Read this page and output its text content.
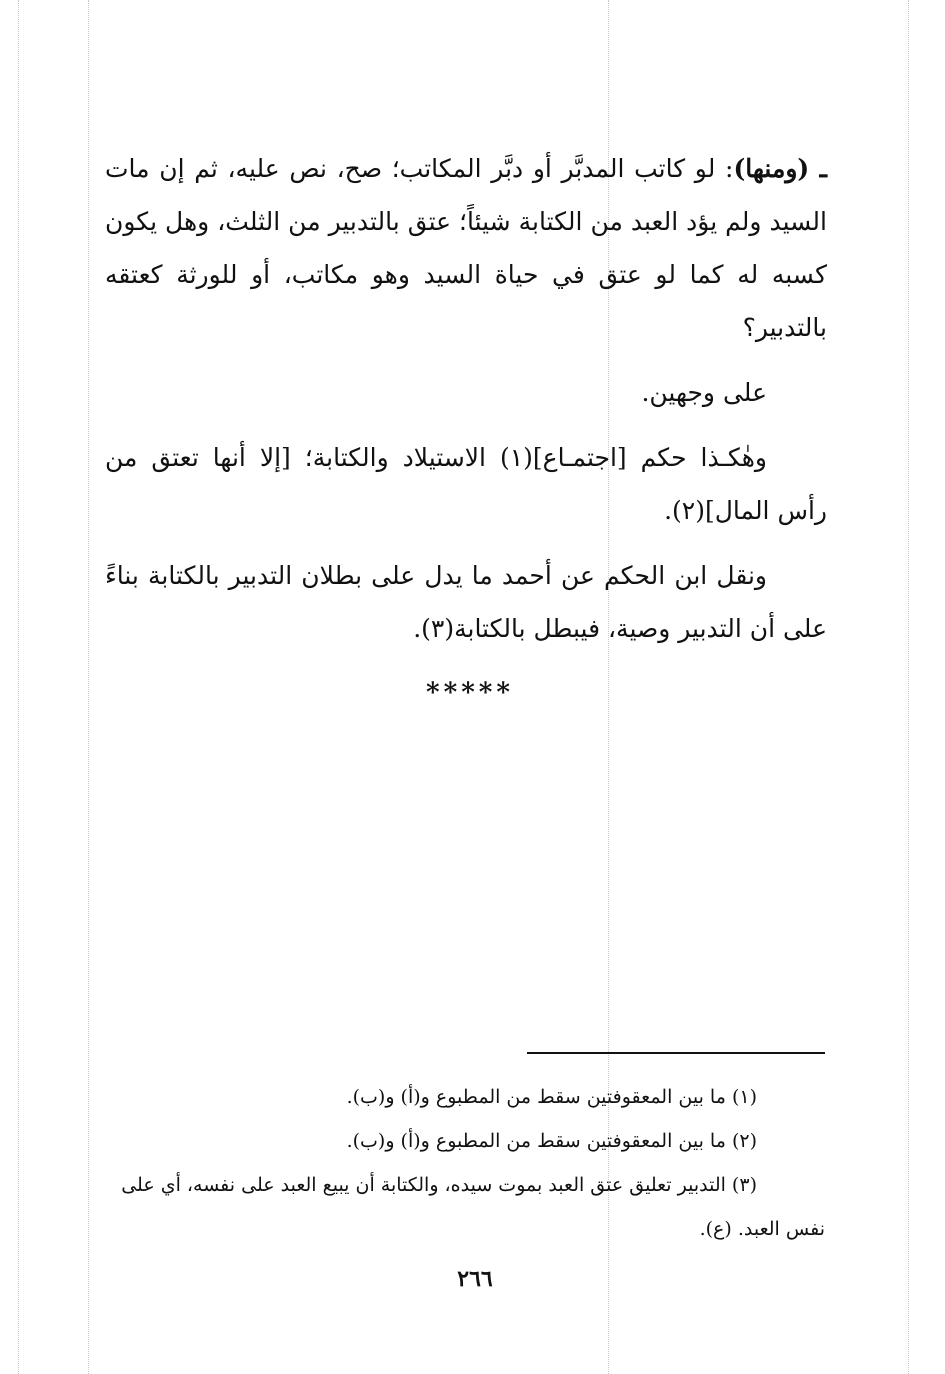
ـ (ومنها): لو كاتب المدبَّر أو دبَّر المكاتب؛ صح، نص عليه، ثم إن مات السيد ولم يؤد العبد من الكتابة شيئاً؛ عتق بالتدبير من الثلث، وهل يكون كسبه له كما لو عتق في حياة السيد وهو مكاتب، أو للورثة كعتقه بالتدبير؟

على وجهين.

وهٰكـذا حكم [اجتمـاع](١) الاستيلاد والكتابة؛ [إلا أنها تعتق من رأس المال](٢).

ونقل ابن الحكم عن أحمد ما يدل على بطلان التدبير بالكتابة بناءً على أن التدبير وصية، فيبطل بالكتابة(٣).

*****

(١) ما بين المعقوفتين سقط من المطبوع و(أ) و(ب).

(٢) ما بين المعقوفتين سقط من المطبوع و(أ) و(ب).

(٣) التدبير تعليق عتق العبد بموت سيده، والكتابة أن يبيع العبد على نفسه، أي على نفس العبد. (ع).

٢٦٦
